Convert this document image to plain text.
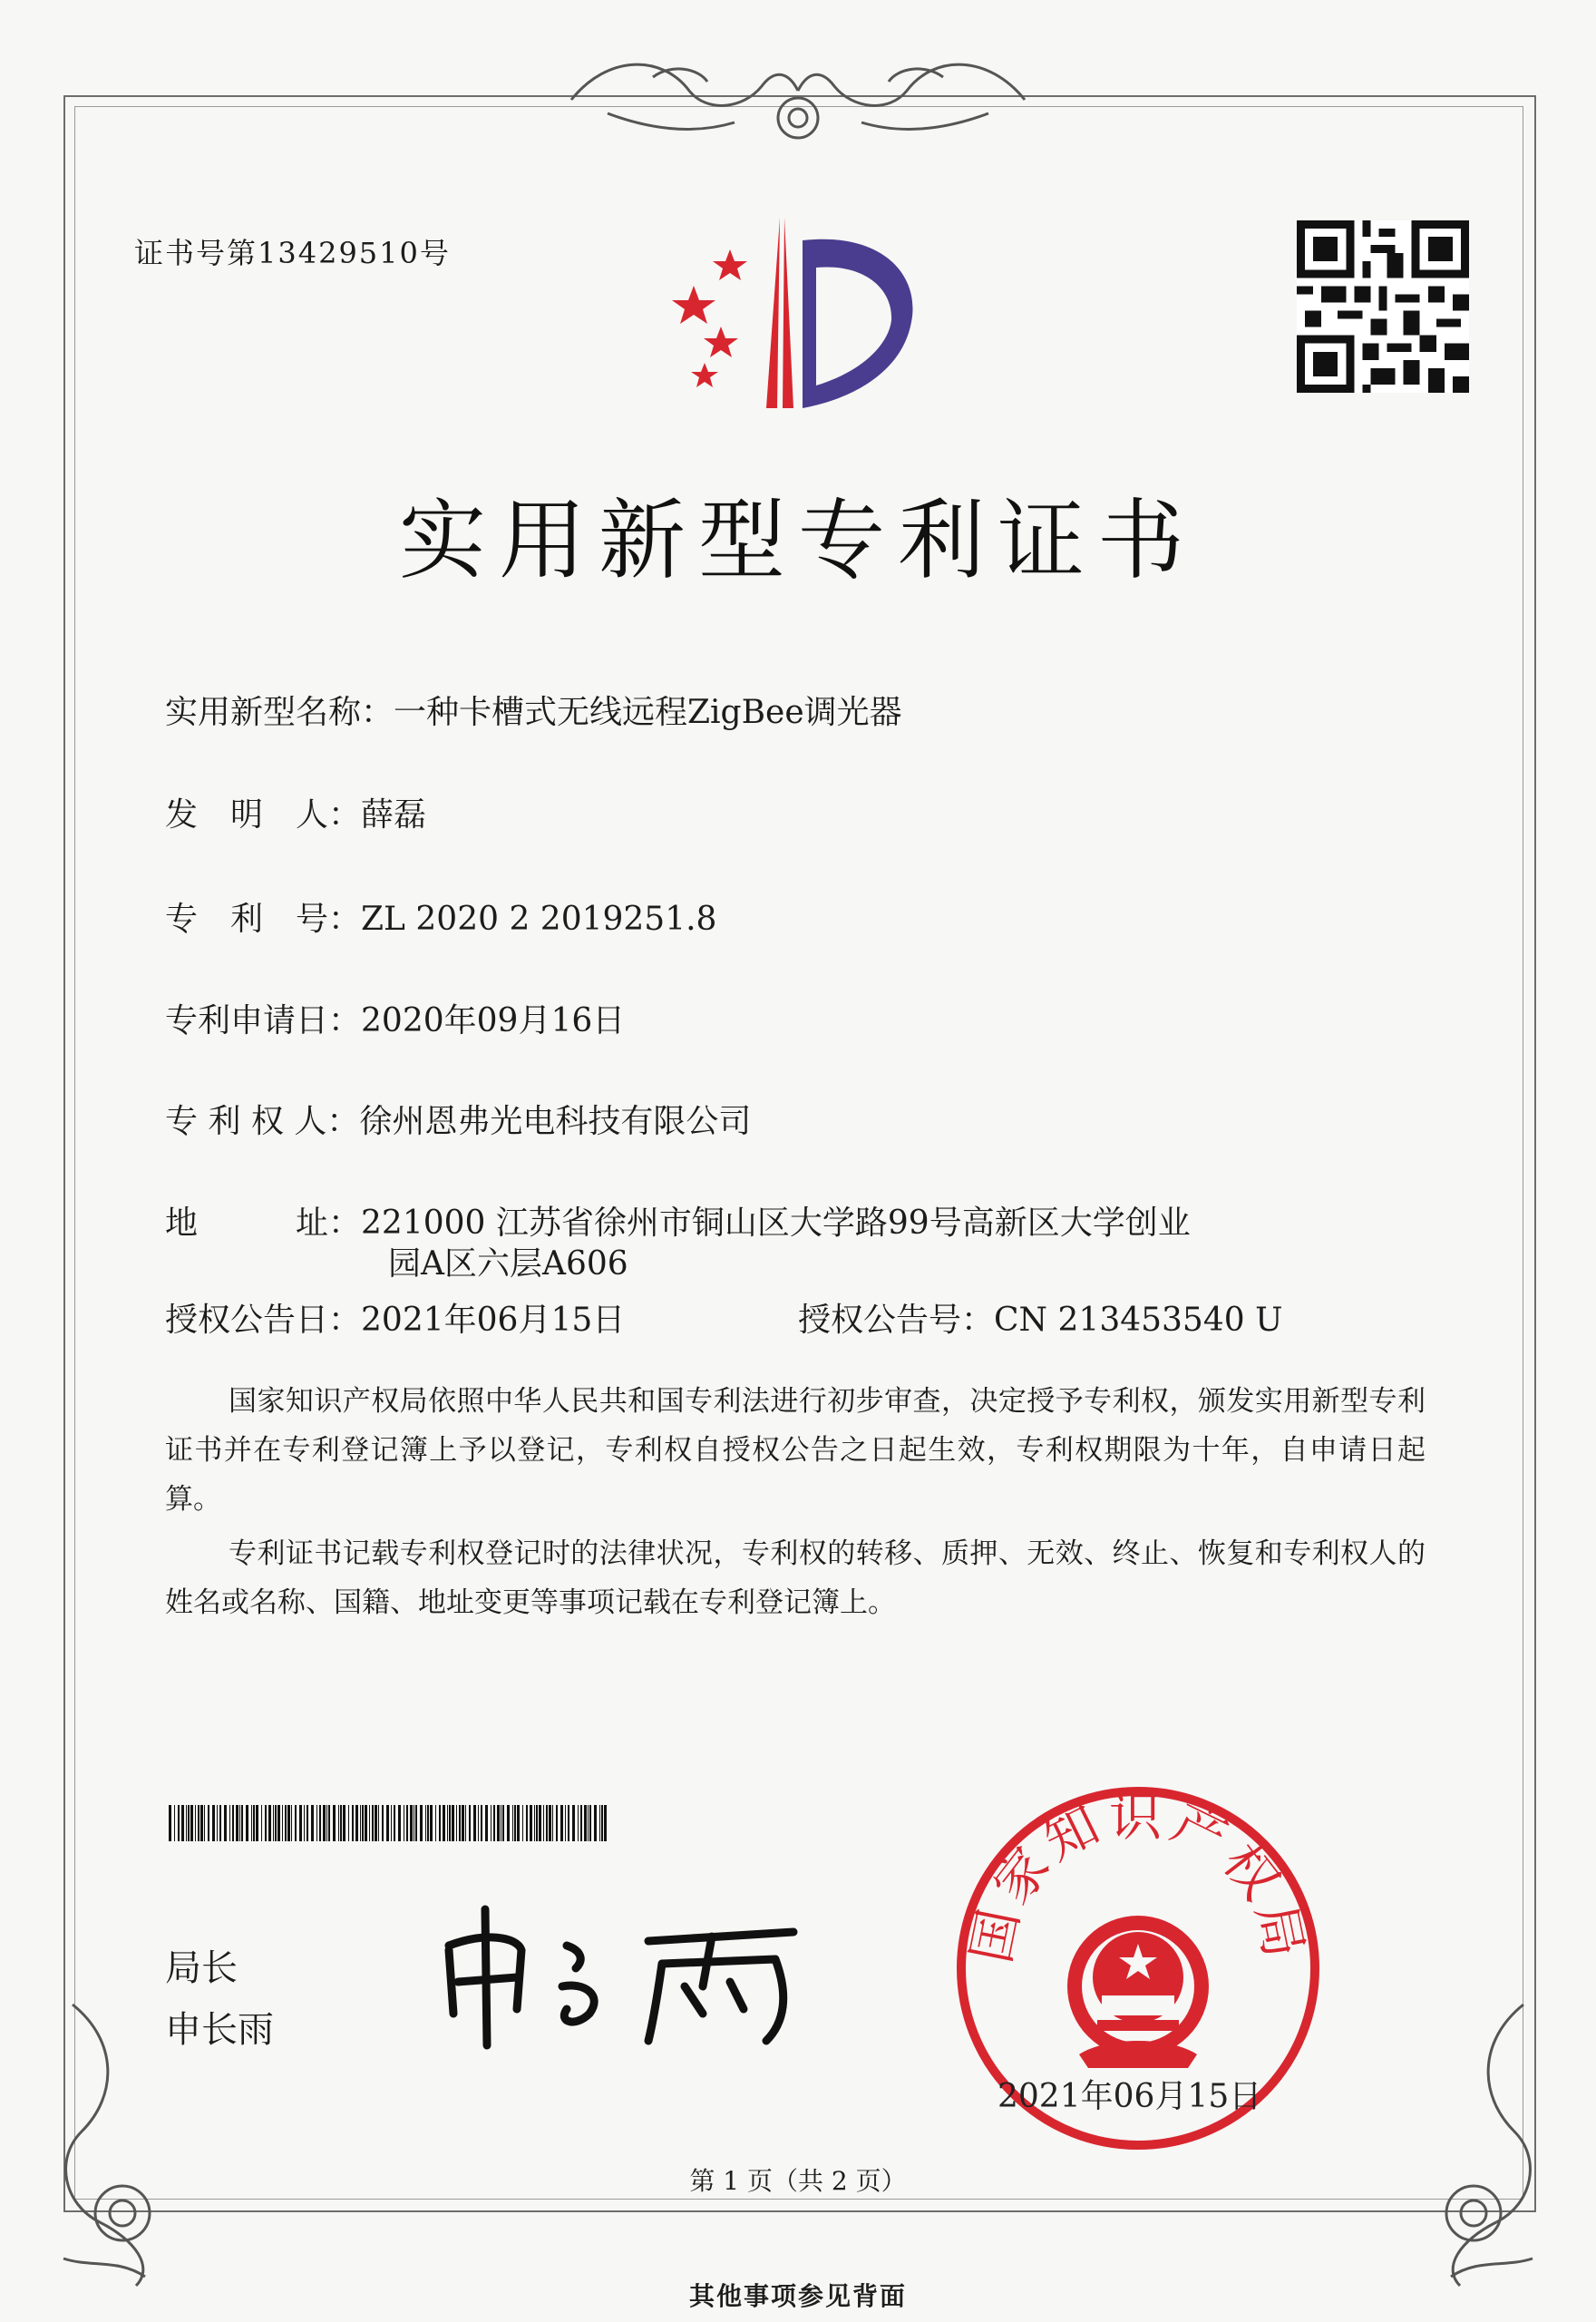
证书号第13429510号
实用新型专利证书
实用新型名称：一种卡槽式无线远程ZigBee调光器
发　明　人：薛磊
专　利　号：ZL 2020 2 2019251.8
专利申请日：2020年09月16日
专 利 权 人：徐州恩弗光电科技有限公司
地　　　址：221000 江苏省徐州市铜山区大学路99号高新区大学创业
园A区六层A606
授权公告日：2021年06月15日	授权公告号：CN 213453540 U
国家知识产权局依照中华人民共和国专利法进行初步审查，决定授予专利权，颁发实用新型专利证书并在专利登记簿上予以登记，专利权自授权公告之日起生效，专利权期限为十年，自申请日起算。
专利证书记载专利权登记时的法律状况，专利权的转移、质押、无效、终止、恢复和专利权人的姓名或名称、国籍、地址变更等事项记载在专利登记簿上。
局长
申长雨
国家知识产权局
2021年06月15日
第 1 页（共 2 页）
其他事项参见背面
